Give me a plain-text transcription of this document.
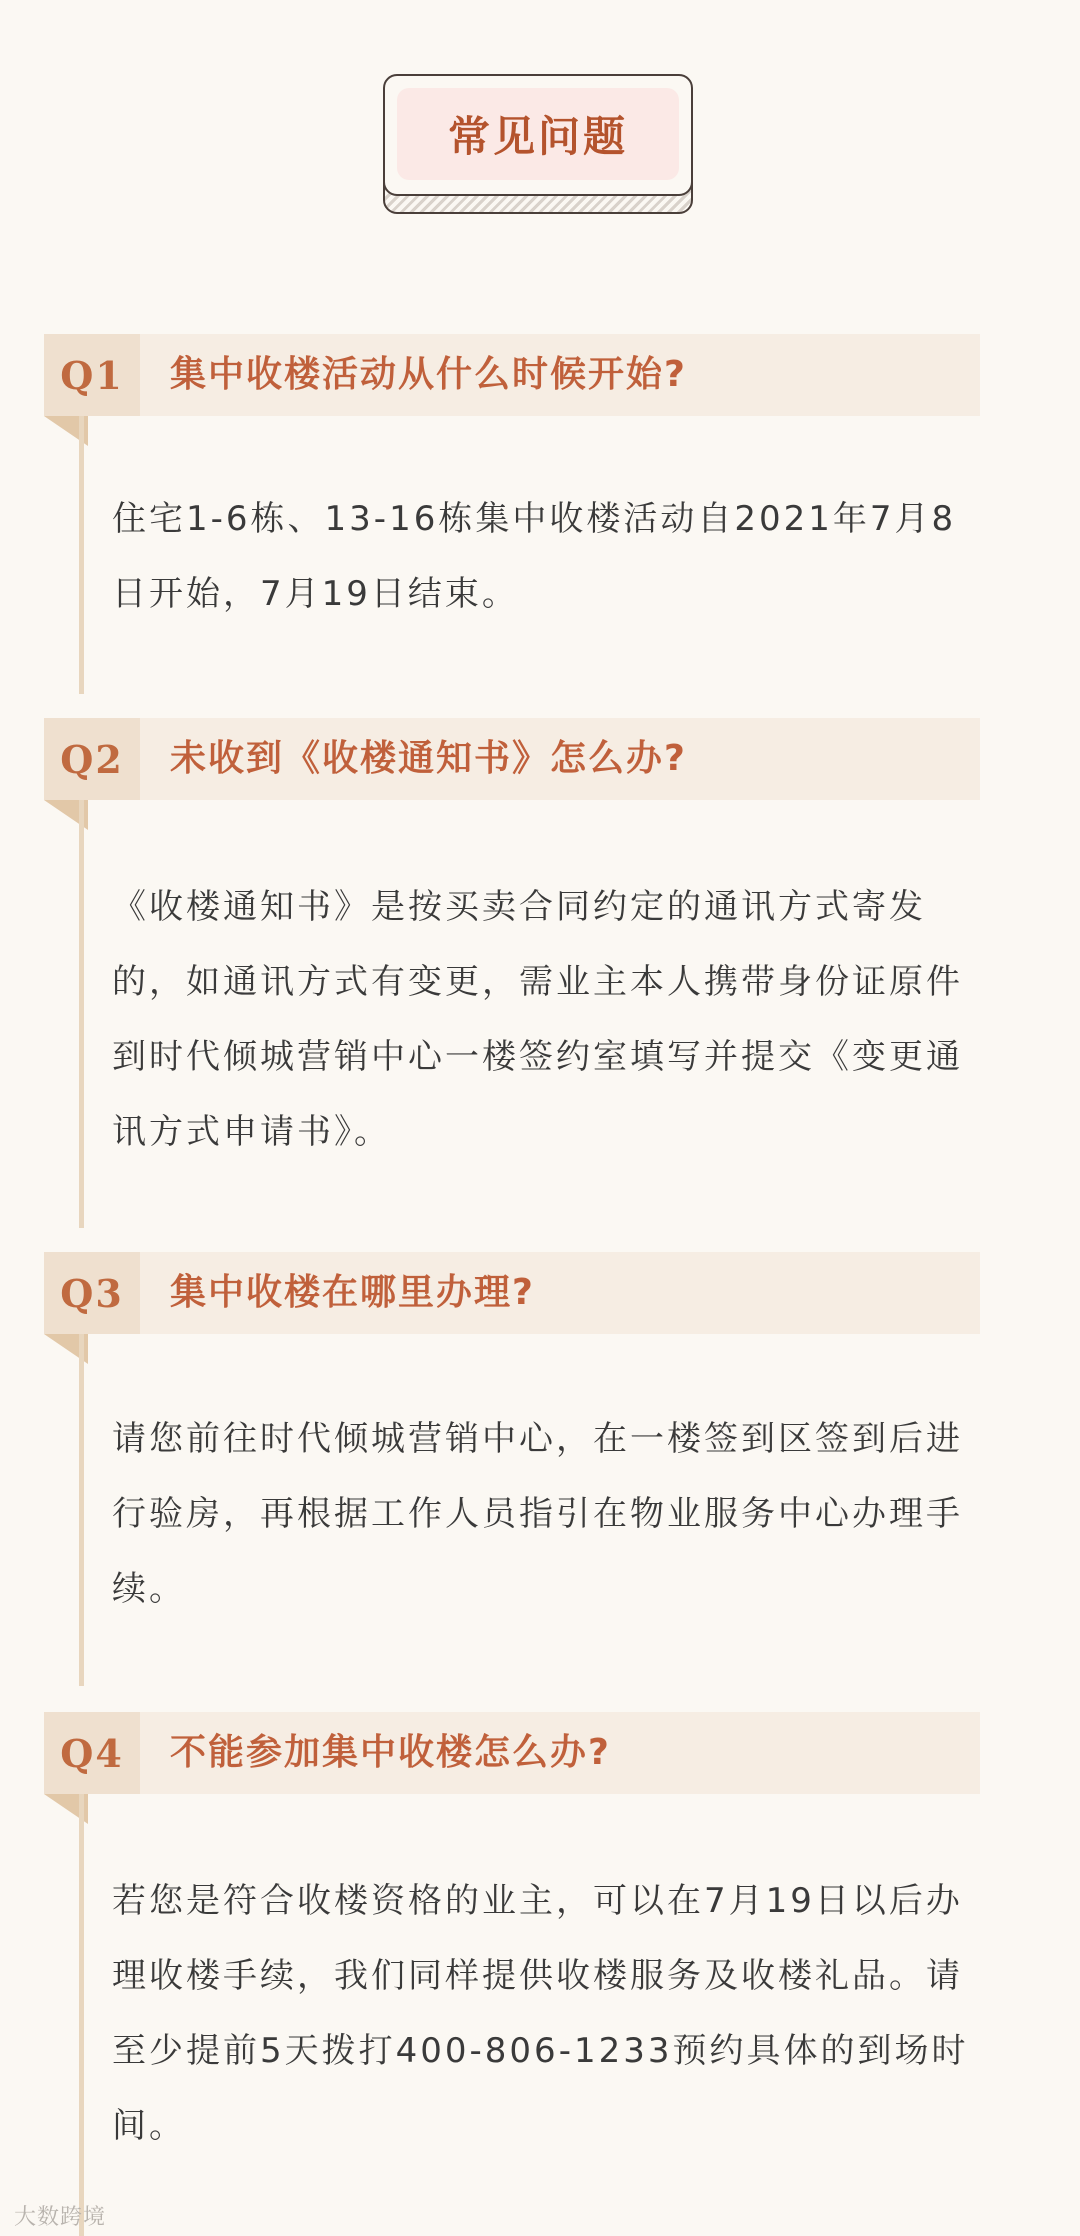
常见问题
Q1	集中收楼活动从什么时候开始?

住宅1-6栋、13-16栋集中收楼活动自2021年7月8日开始，7月19日结束。

Q2	未收到《收楼通知书》怎么办?

《收楼通知书》是按买卖合同约定的通讯方式寄发的，如通讯方式有变更，需业主本人携带身份证原件到时代倾城营销中心一楼签约室填写并提交《变更通讯方式申请书》。

Q3	集中收楼在哪里办理?

请您前往时代倾城营销中心，在一楼签到区签到后进行验房，再根据工作人员指引在物业服务中心办理手续。

Q4	不能参加集中收楼怎么办?

若您是符合收楼资格的业主，可以在7月19日以后办理收楼手续，我们同样提供收楼服务及收楼礼品。请至少提前5天拨打400-806-1233预约具体的到场时间。

大数跨境
